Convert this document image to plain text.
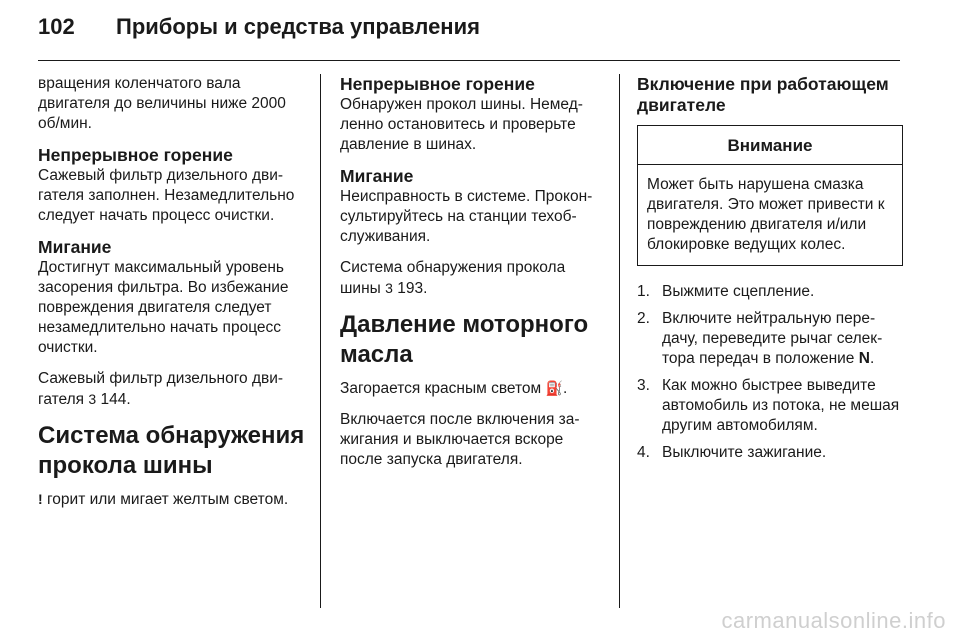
102	Приборы и средства управления

вращения коленчатого вала двигателя до величины ниже 2000 об/мин.

Непрерывное горение

Сажевый фильтр дизельного двигателя заполнен. Незамедлительно следует начать процесс очистки.

Мигание

Достигнут максимальный уровень засорения фильтра. Во избежание повреждения двигателя следует незамедлительно начать процесс очистки.

Сажевый фильтр дизельного двигателя 3 144.

Система обнаружения прокола шины

! горит или мигает желтым светом.

Непрерывное горение

Обнаружен прокол шины. Немедленно остановитесь и проверьте давление в шинах.

Мигание

Неисправность в системе. Проконсультируйтесь на станции техобслуживания.

Система обнаружения прокола шины 3 193.

Давление моторного масла

Загорается красным светом ⛽.

Включается после включения зажигания и выключается вскоре после запуска двигателя.

Включение при работающем двигателе
Внимание
Может быть нарушена смазка двигателя. Это может привести к повреждению двигателя и/или блокировке ведущих колес.
1. Выжмите сцепление.
2. Включите нейтральную передачу, переведите рычаг селектора передач в положение N.
3. Как можно быстрее выведите автомобиль из потока, не мешая другим автомобилям.
4. Выключите зажигание.
carmanualsonline.info
